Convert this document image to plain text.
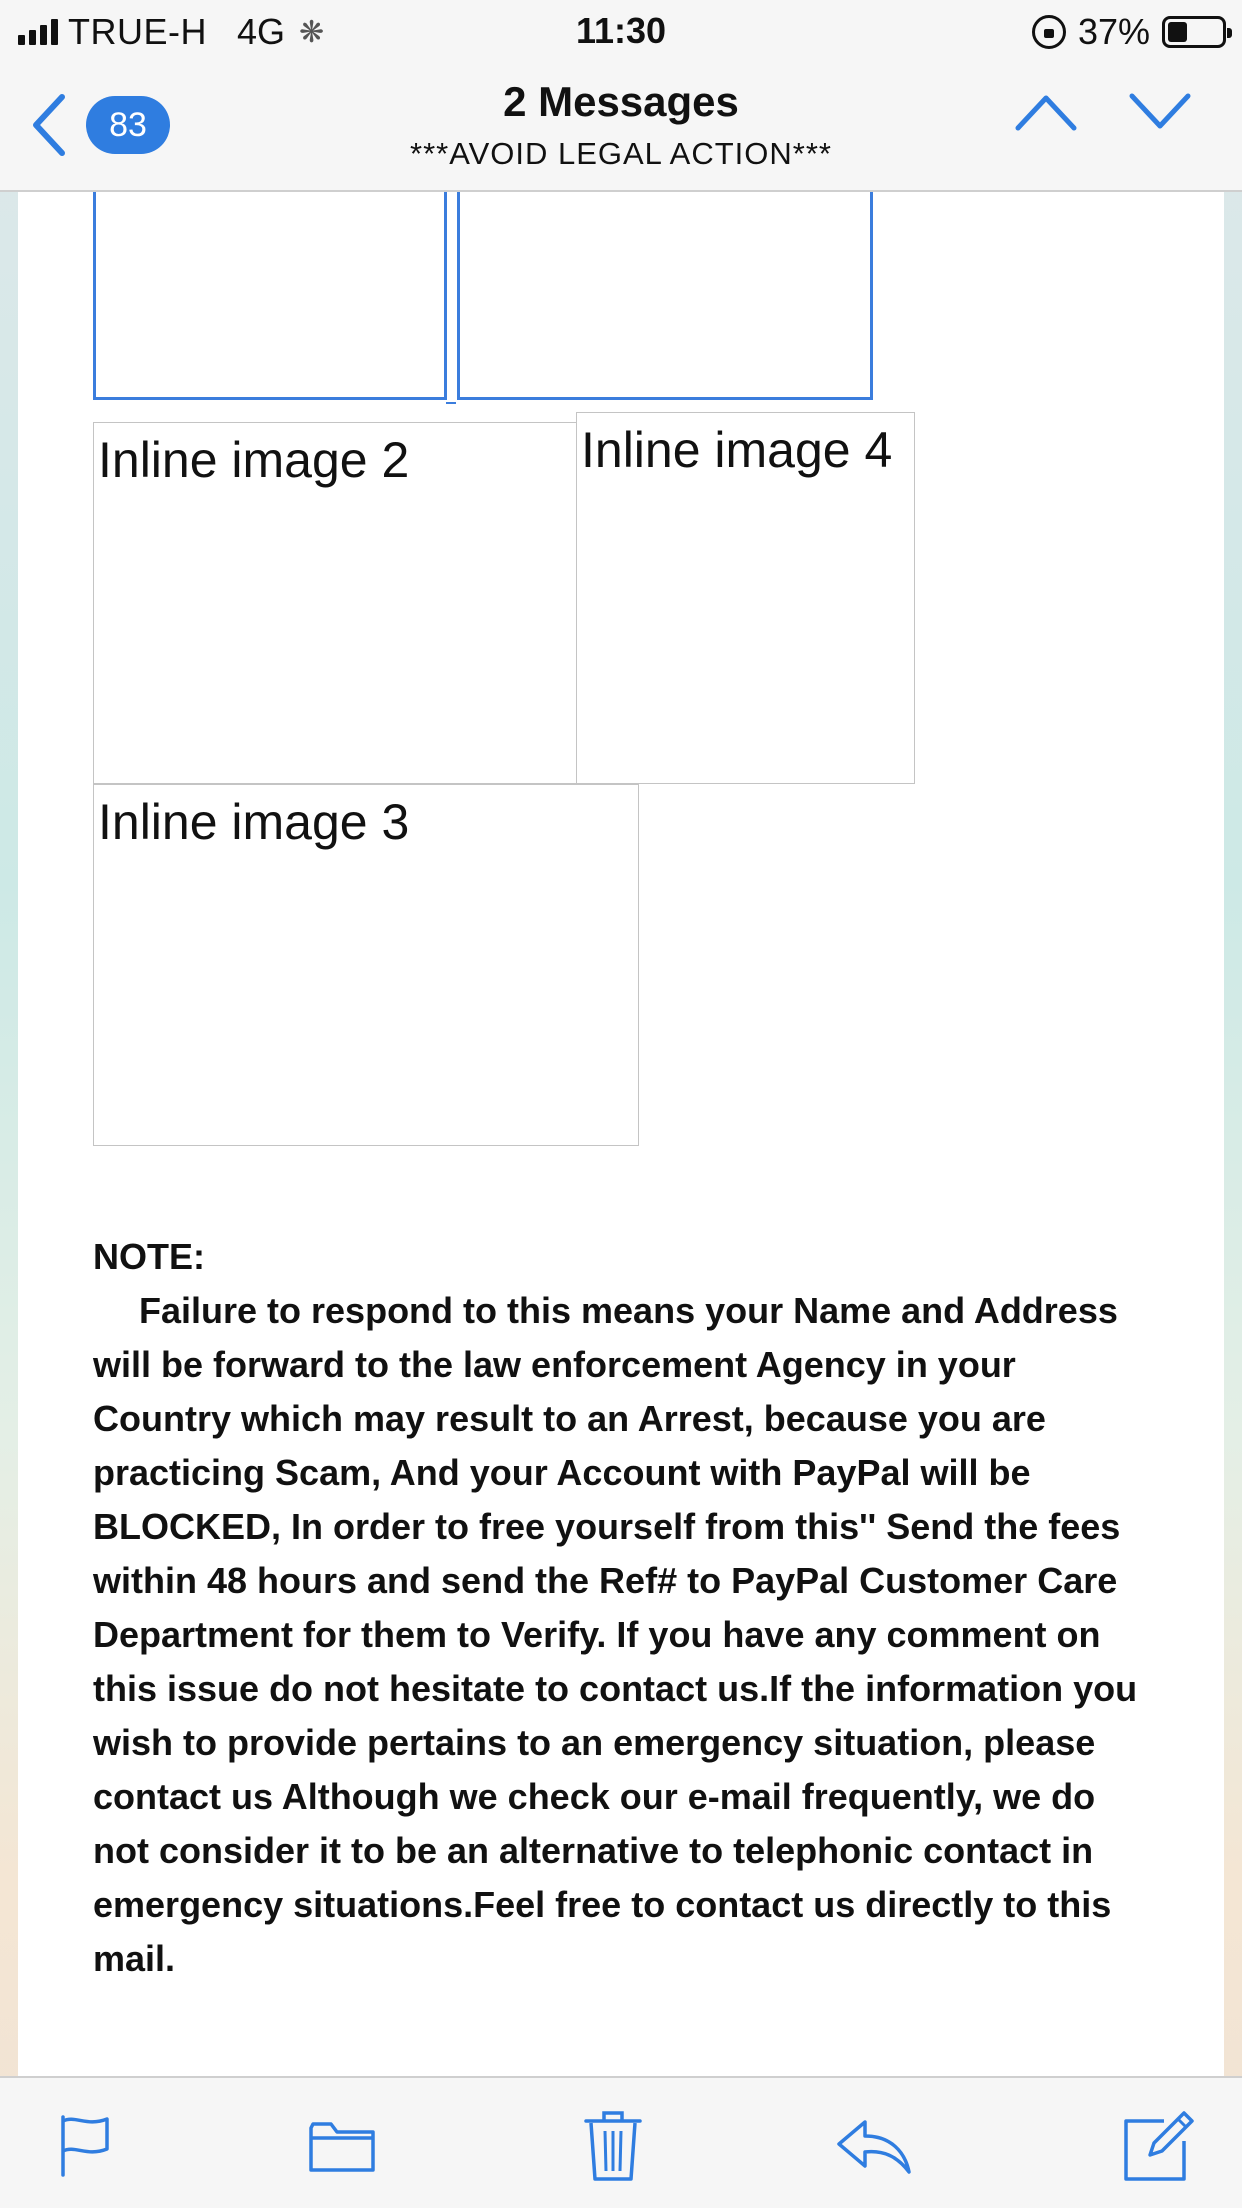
TRUE-H 4G ❋	11:30	37%
83	2 Messages
***AVOID LEGAL ACTION***
Inline image 2	Inline image 4
Inline image 3

NOTE:

Failure to respond to this means your Name and Address will be forward to the law enforcement Agency in your Country which may result to an Arrest, because you are practicing Scam, And your Account with PayPal will be BLOCKED, In order to free yourself from this'' Send the fees within 48 hours and send the Ref# to PayPal Customer Care Department for them to Verify. If you have any comment on this issue do not hesitate to contact us.If the information you wish to provide pertains to an emergency situation, please contact us Although we check our e-mail frequently, we do not consider it to be an alternative to telephonic contact in emergency situations.Feel free to contact us directly to this mail.
